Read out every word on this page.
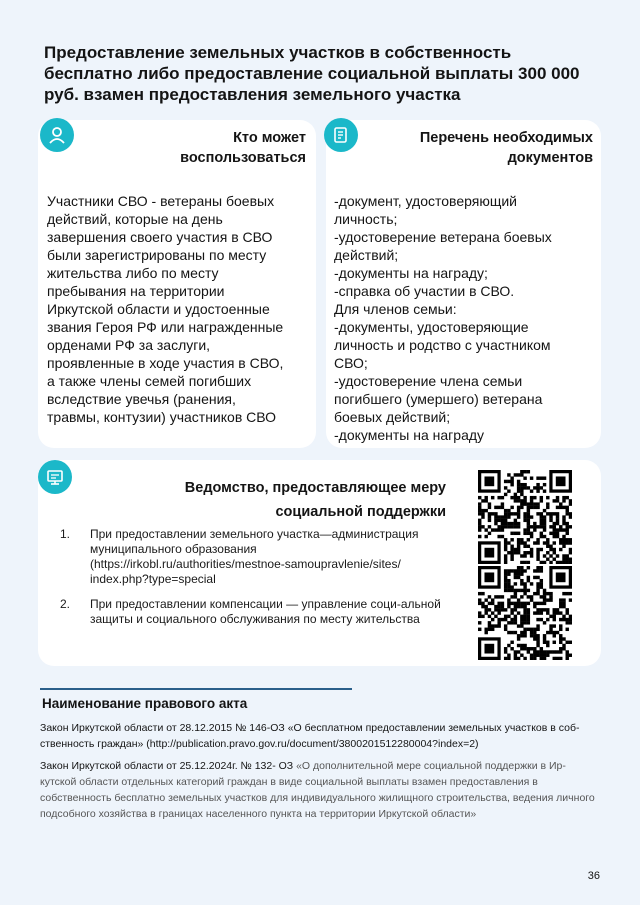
Предоставление земельных участков в собственность бесплатно либо предоставление социальной выплаты 300 000 руб. взамен предоставления земельного участка
Кто может
воспользоваться
Участники СВО - ветераны боевых
действий, которые на день
завершения своего участия в СВО
были зарегистрированы по месту
жительства либо по месту
пребывания на территории
Иркутской области и удостоенные
звания Героя РФ или награжденные
орденами РФ за заслуги,
проявленные в ходе участия в СВО,
а также члены семей погибших
вследствие увечья (ранения,
травмы, контузии) участников СВО
Перечень необходимых
документов
-документ, удостоверяющий
личность;
-удостоверение ветерана боевых
действий;
-документы на награду;
-справка об участии в СВО.
Для членов семьи:
-документы, удостоверяющие
личность и родство с участником
СВО;
-удостоверение члена семьи
погибшего (умершего) ветерана
боевых действий;
-документы на награду
Ведомство, предоставляющее меру
социальной поддержки
1.	При предоставлении земельного участка—администрация муниципального образования (https://irkobl.ru/authorities/mestnoe-samoupravlenie/sites/ index.php?type=special
2.	При предоставлении компенсации — управление соци-альной защиты и социального обслуживания по месту жительства
Наименование правового акта
Закон Иркутской области от 28.12.2015 № 146-ОЗ «О бесплатном предоставлении земельных участков в соб-ственность граждан» (http://publication.pravo.gov.ru/document/3800201512280004?index=2)
Закон Иркутской области от 25.12.2024г. № 132- ОЗ «О дополнительной мере социальной поддержки в Ир-кутской области отдельных категорий граждан в виде социальной выплаты взамен предоставления в собственность бесплатно земельных участков для индивидуального жилищного строительства, ведения личного подсобного хозяйства в границах населенного пункта на территории Иркутской области»
36
